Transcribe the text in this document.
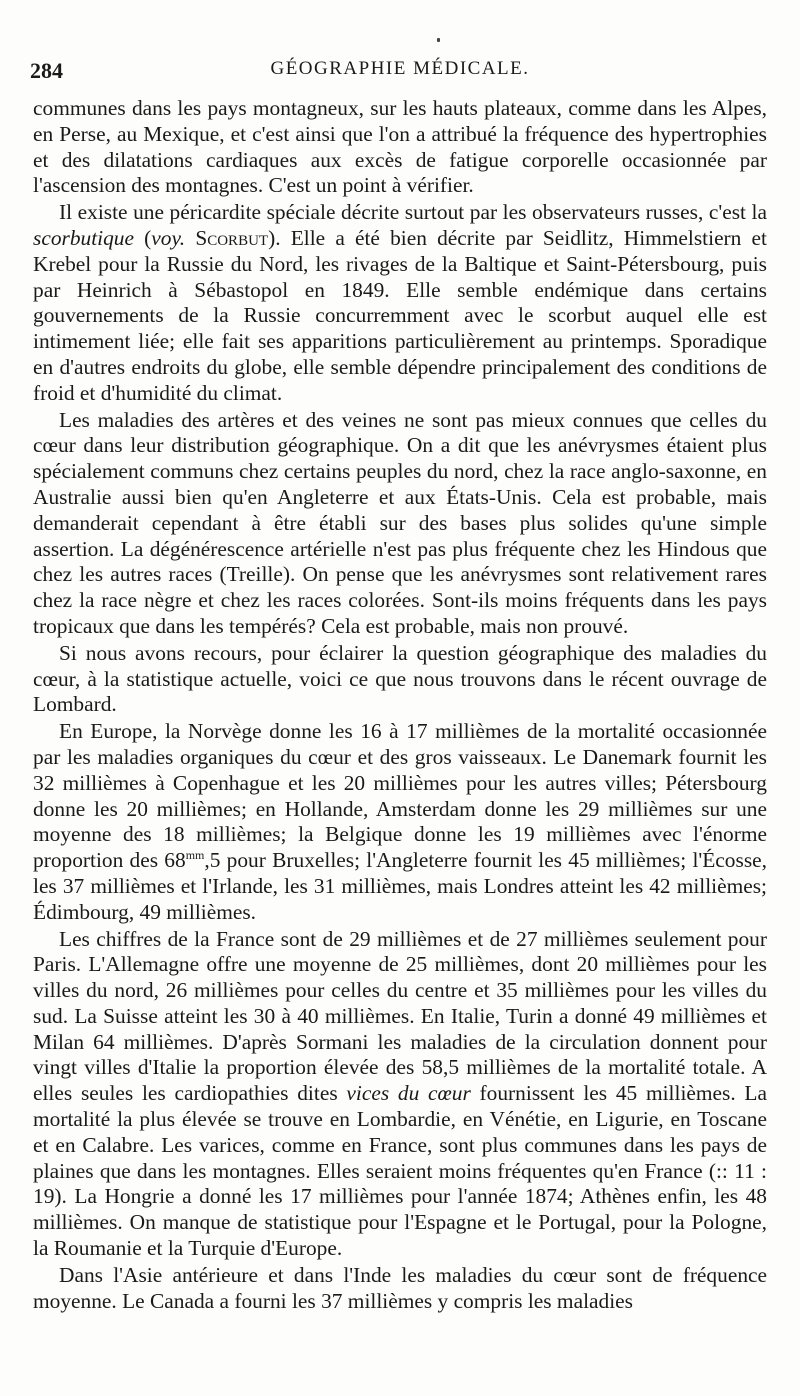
284	GÉOGRAPHIE MÉDICALE.

communes dans les pays montagneux, sur les hauts plateaux, comme dans les Alpes, en Perse, au Mexique, et c'est ainsi que l'on a attribué la fréquence des hypertrophies et des dilatations cardiaques aux excès de fatigue corporelle occasionnée par l'ascension des montagnes. C'est un point à vérifier.

Il existe une péricardite spéciale décrite surtout par les observateurs russes, c'est la scorbutique (voy. Scorbut). Elle a été bien décrite par Seidlitz, Himmelstiern et Krebel pour la Russie du Nord, les rivages de la Baltique et Saint-Pétersbourg, puis par Heinrich à Sébastopol en 1849. Elle semble endémique dans certains gouvernements de la Russie concurremment avec le scorbut auquel elle est intimement liée; elle fait ses apparitions particulièrement au printemps. Sporadique en d'autres endroits du globe, elle semble dépendre principalement des conditions de froid et d'humidité du climat.

Les maladies des artères et des veines ne sont pas mieux connues que celles du cœur dans leur distribution géographique. On a dit que les anévrysmes étaient plus spécialement communs chez certains peuples du nord, chez la race anglo-saxonne, en Australie aussi bien qu'en Angleterre et aux États-Unis. Cela est probable, mais demanderait cependant à être établi sur des bases plus solides qu'une simple assertion. La dégénérescence artérielle n'est pas plus fréquente chez les Hindous que chez les autres races (Treille). On pense que les anévrysmes sont relativement rares chez la race nègre et chez les races colorées. Sont-ils moins fréquents dans les pays tropicaux que dans les tempérés? Cela est probable, mais non prouvé.

Si nous avons recours, pour éclairer la question géographique des maladies du cœur, à la statistique actuelle, voici ce que nous trouvons dans le récent ouvrage de Lombard.

En Europe, la Norvège donne les 16 à 17 millièmes de la mortalité occasionnée par les maladies organiques du cœur et des gros vaisseaux. Le Danemark fournit les 32 millièmes à Copenhague et les 20 millièmes pour les autres villes; Pétersbourg donne les 20 millièmes; en Hollande, Amsterdam donne les 29 millièmes sur une moyenne des 18 millièmes; la Belgique donne les 19 millièmes avec l'énorme proportion des $68^{mm},5$ pour Bruxelles; l'Angleterre fournit les 45 millièmes; l'Écosse, les 37 millièmes et l'Irlande, les 31 millièmes, mais Londres atteint les 42 millièmes; Édimbourg, 49 millièmes.

Les chiffres de la France sont de 29 millièmes et de 27 millièmes seulement pour Paris. L'Allemagne offre une moyenne de 25 millièmes, dont 20 millièmes pour les villes du nord, 26 millièmes pour celles du centre et 35 millièmes pour les villes du sud. La Suisse atteint les 30 à 40 millièmes. En Italie, Turin a donné 49 millièmes et Milan 64 millièmes. D'après Sormani les maladies de la circulation donnent pour vingt villes d'Italie la proportion élevée des 58,5 millièmes de la mortalité totale. A elles seules les cardiopathies dites vices du cœur fournissent les 45 millièmes. La mortalité la plus élevée se trouve en Lombardie, en Vénétie, en Ligurie, en Toscane et en Calabre. Les varices, comme en France, sont plus communes dans les pays de plaines que dans les montagnes. Elles seraient moins fréquentes qu'en France (:: 11 : 19). La Hongrie a donné les 17 millièmes pour l'année 1874; Athènes enfin, les 48 millièmes. On manque de statistique pour l'Espagne et le Portugal, pour la Pologne, la Roumanie et la Turquie d'Europe.

Dans l'Asie antérieure et dans l'Inde les maladies du cœur sont de fréquence moyenne. Le Canada a fourni les 37 millièmes y compris les maladies
